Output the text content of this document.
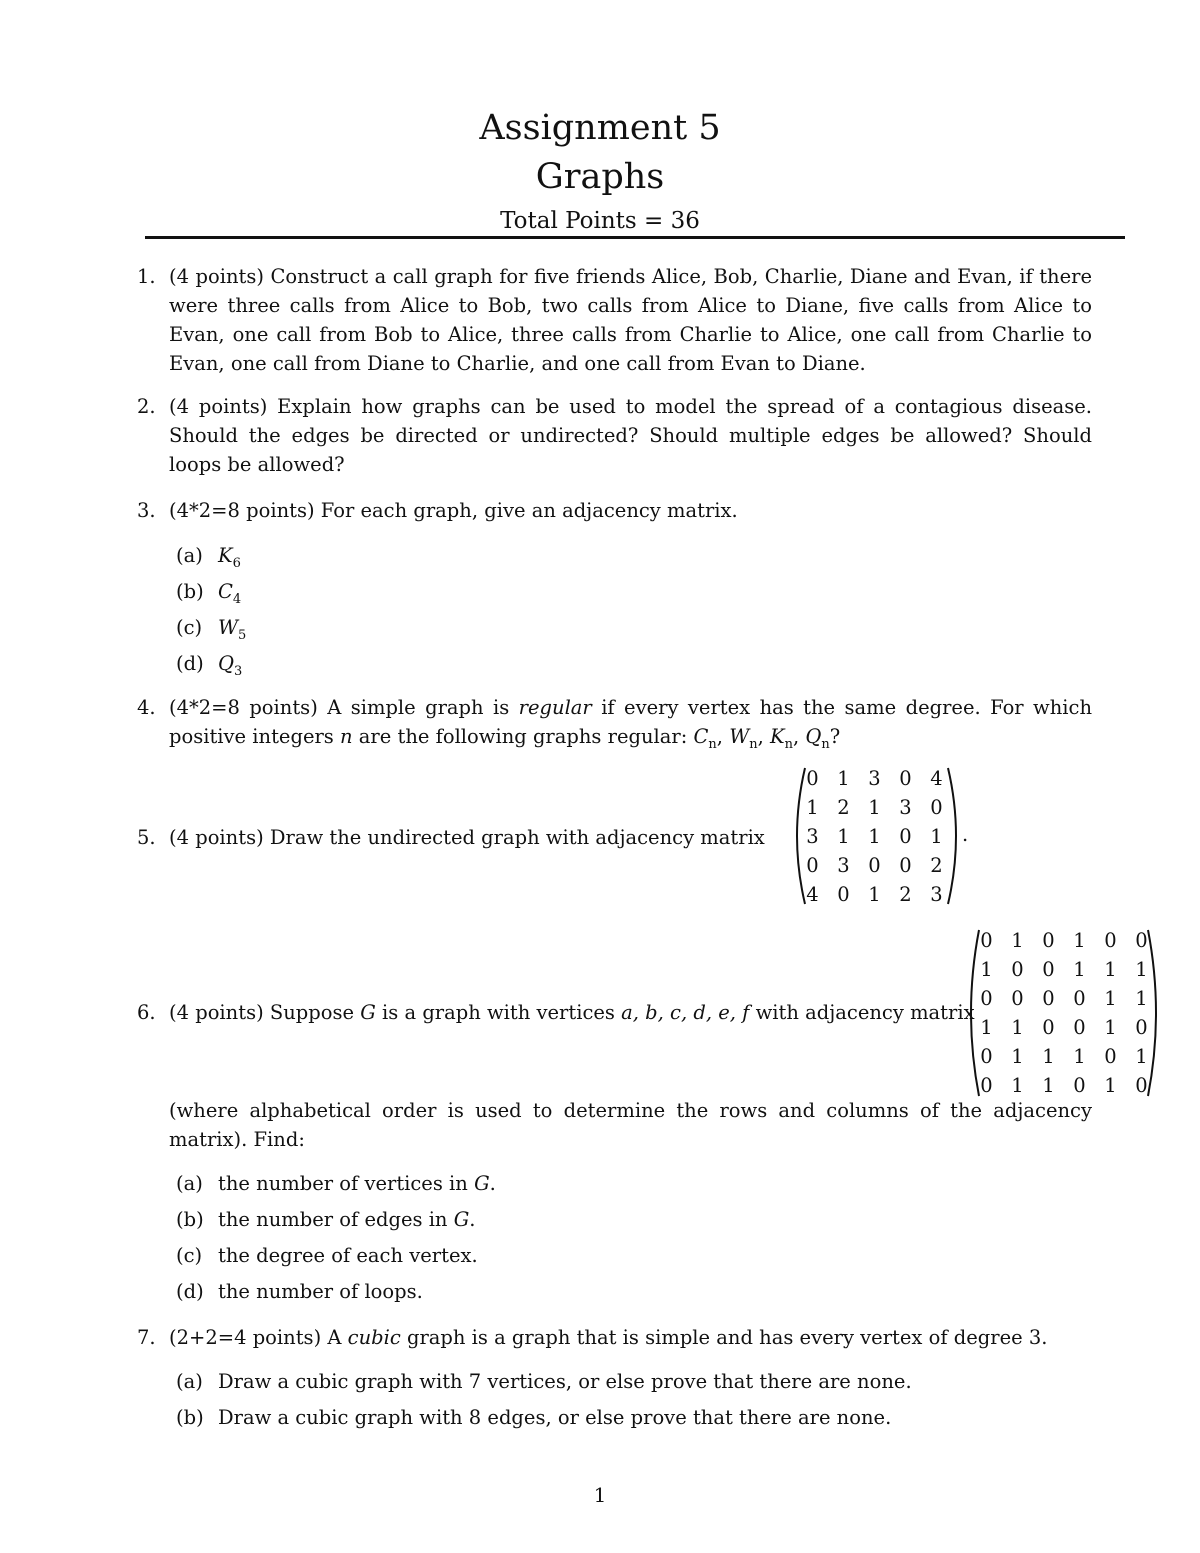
Assignment 5
Graphs
Total Points = 36
1. (4 points) Construct a call graph for five friends Alice, Bob, Charlie, Diane and Evan, if there were three calls from Alice to Bob, two calls from Alice to Diane, five calls from Alice to Evan, one call from Bob to Alice, three calls from Charlie to Alice, one call from Charlie to Evan, one call from Diane to Charlie, and one call from Evan to Diane.
2. (4 points) Explain how graphs can be used to model the spread of a contagious disease. Should the edges be directed or undirected? Should multiple edges be allowed? Should loops be allowed?
3. (4*2=8 points) For each graph, give an adjacency matrix.
(a) $K_6$
(b) $C_4$
(c) $W_5$
(d) $Q_3$
4. (4*2=8 points) A simple graph is regular if every vertex has the same degree. For which positive integers n are the following graphs regular: $C_n$, $W_n$, $K_n$, $Q_n$?
5. (4 points) Draw the undirected graph with adjacency matrix
0 1 3 0 4
1 2 1 3 0
3 1 1 0 1
0 3 0 0 2
4 0 1 2 3
.
6. (4 points) Suppose G is a graph with vertices a, b, c, d, e, f with adjacency matrix
0 1 0 1 0 0
1 0 0 1 1 1
0 0 0 0 1 1
1 1 0 0 1 0
0 1 1 1 0 1
0 1 1 0 1 0
(where alphabetical order is used to determine the rows and columns of the adjacency matrix). Find:
(a) the number of vertices in G.
(b) the number of edges in G.
(c) the degree of each vertex.
(d) the number of loops.
7. (2+2=4 points) A cubic graph is a graph that is simple and has every vertex of degree 3.
(a) Draw a cubic graph with 7 vertices, or else prove that there are none.
(b) Draw a cubic graph with 8 edges, or else prove that there are none.
1
